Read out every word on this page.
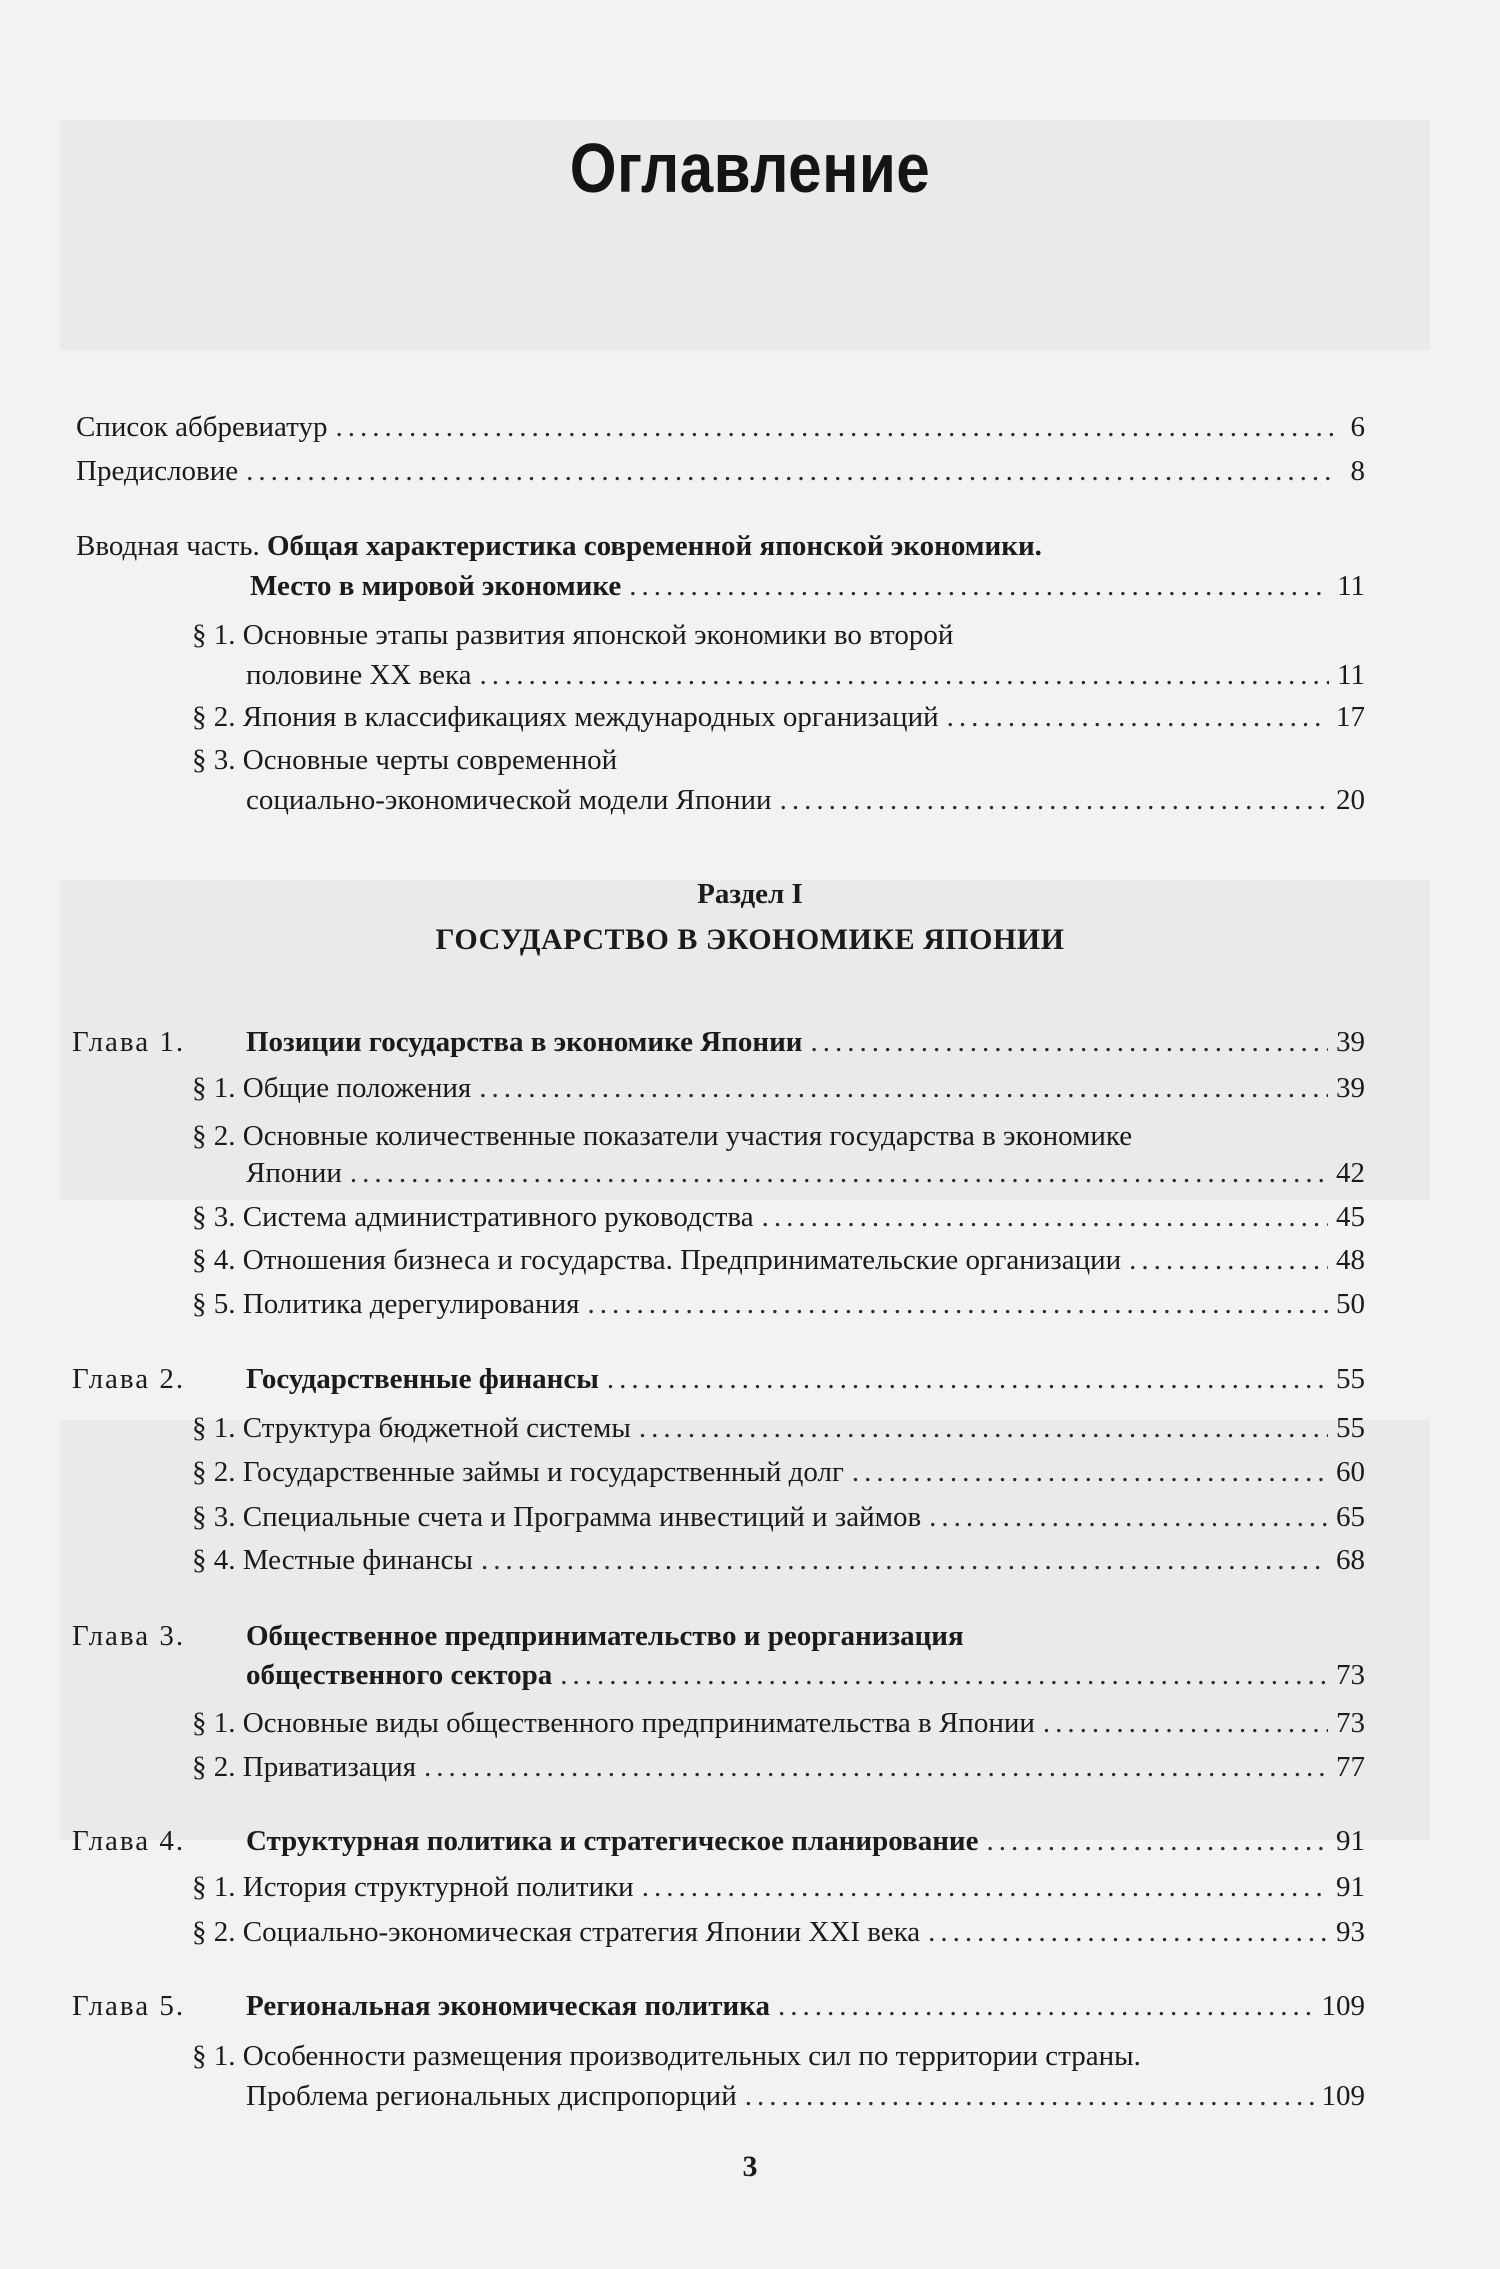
Оглавление
Список аббревиатур .....	6
Предисловие .....	8
Вводная часть. Общая характеристика современной японской экономики.
Место в мировой экономике .....	11
§ 1. Основные этапы развития японской экономики во второй
половине XX века .....	11
§ 2. Япония в классификациях международных организаций .....	17
§ 3. Основные черты современной
социально-экономической модели Японии .....	20
Раздел I
ГОСУДАРСТВО В ЭКОНОМИКЕ ЯПОНИИ
Глава 1. Позиции государства в экономике Японии .....	39
§ 1. Общие положения .....	39
§ 2. Основные количественные показатели участия государства в экономике
Японии .....	42
§ 3. Система административного руководства .....	45
§ 4. Отношения бизнеса и государства. Предпринимательские организации .....	48
§ 5. Политика дерегулирования .....	50
Глава 2. Государственные финансы .....	55
§ 1. Структура бюджетной системы .....	55
§ 2. Государственные займы и государственный долг .....	60
§ 3. Специальные счета и Программа инвестиций и займов .....	65
§ 4. Местные финансы .....	68
Глава 3. Общественное предпринимательство и реорганизация
общественного сектора .....	73
§ 1. Основные виды общественного предпринимательства в Японии .....	73
§ 2. Приватизация .....	77
Глава 4. Структурная политика и стратегическое планирование .....	91
§ 1. История структурной политики .....	91
§ 2. Социально-экономическая стратегия Японии XXI века .....	93
Глава 5. Региональная экономическая политика .....	109
§ 1. Особенности размещения производительных сил по территории страны.
Проблема региональных диспропорций .....	109
3
